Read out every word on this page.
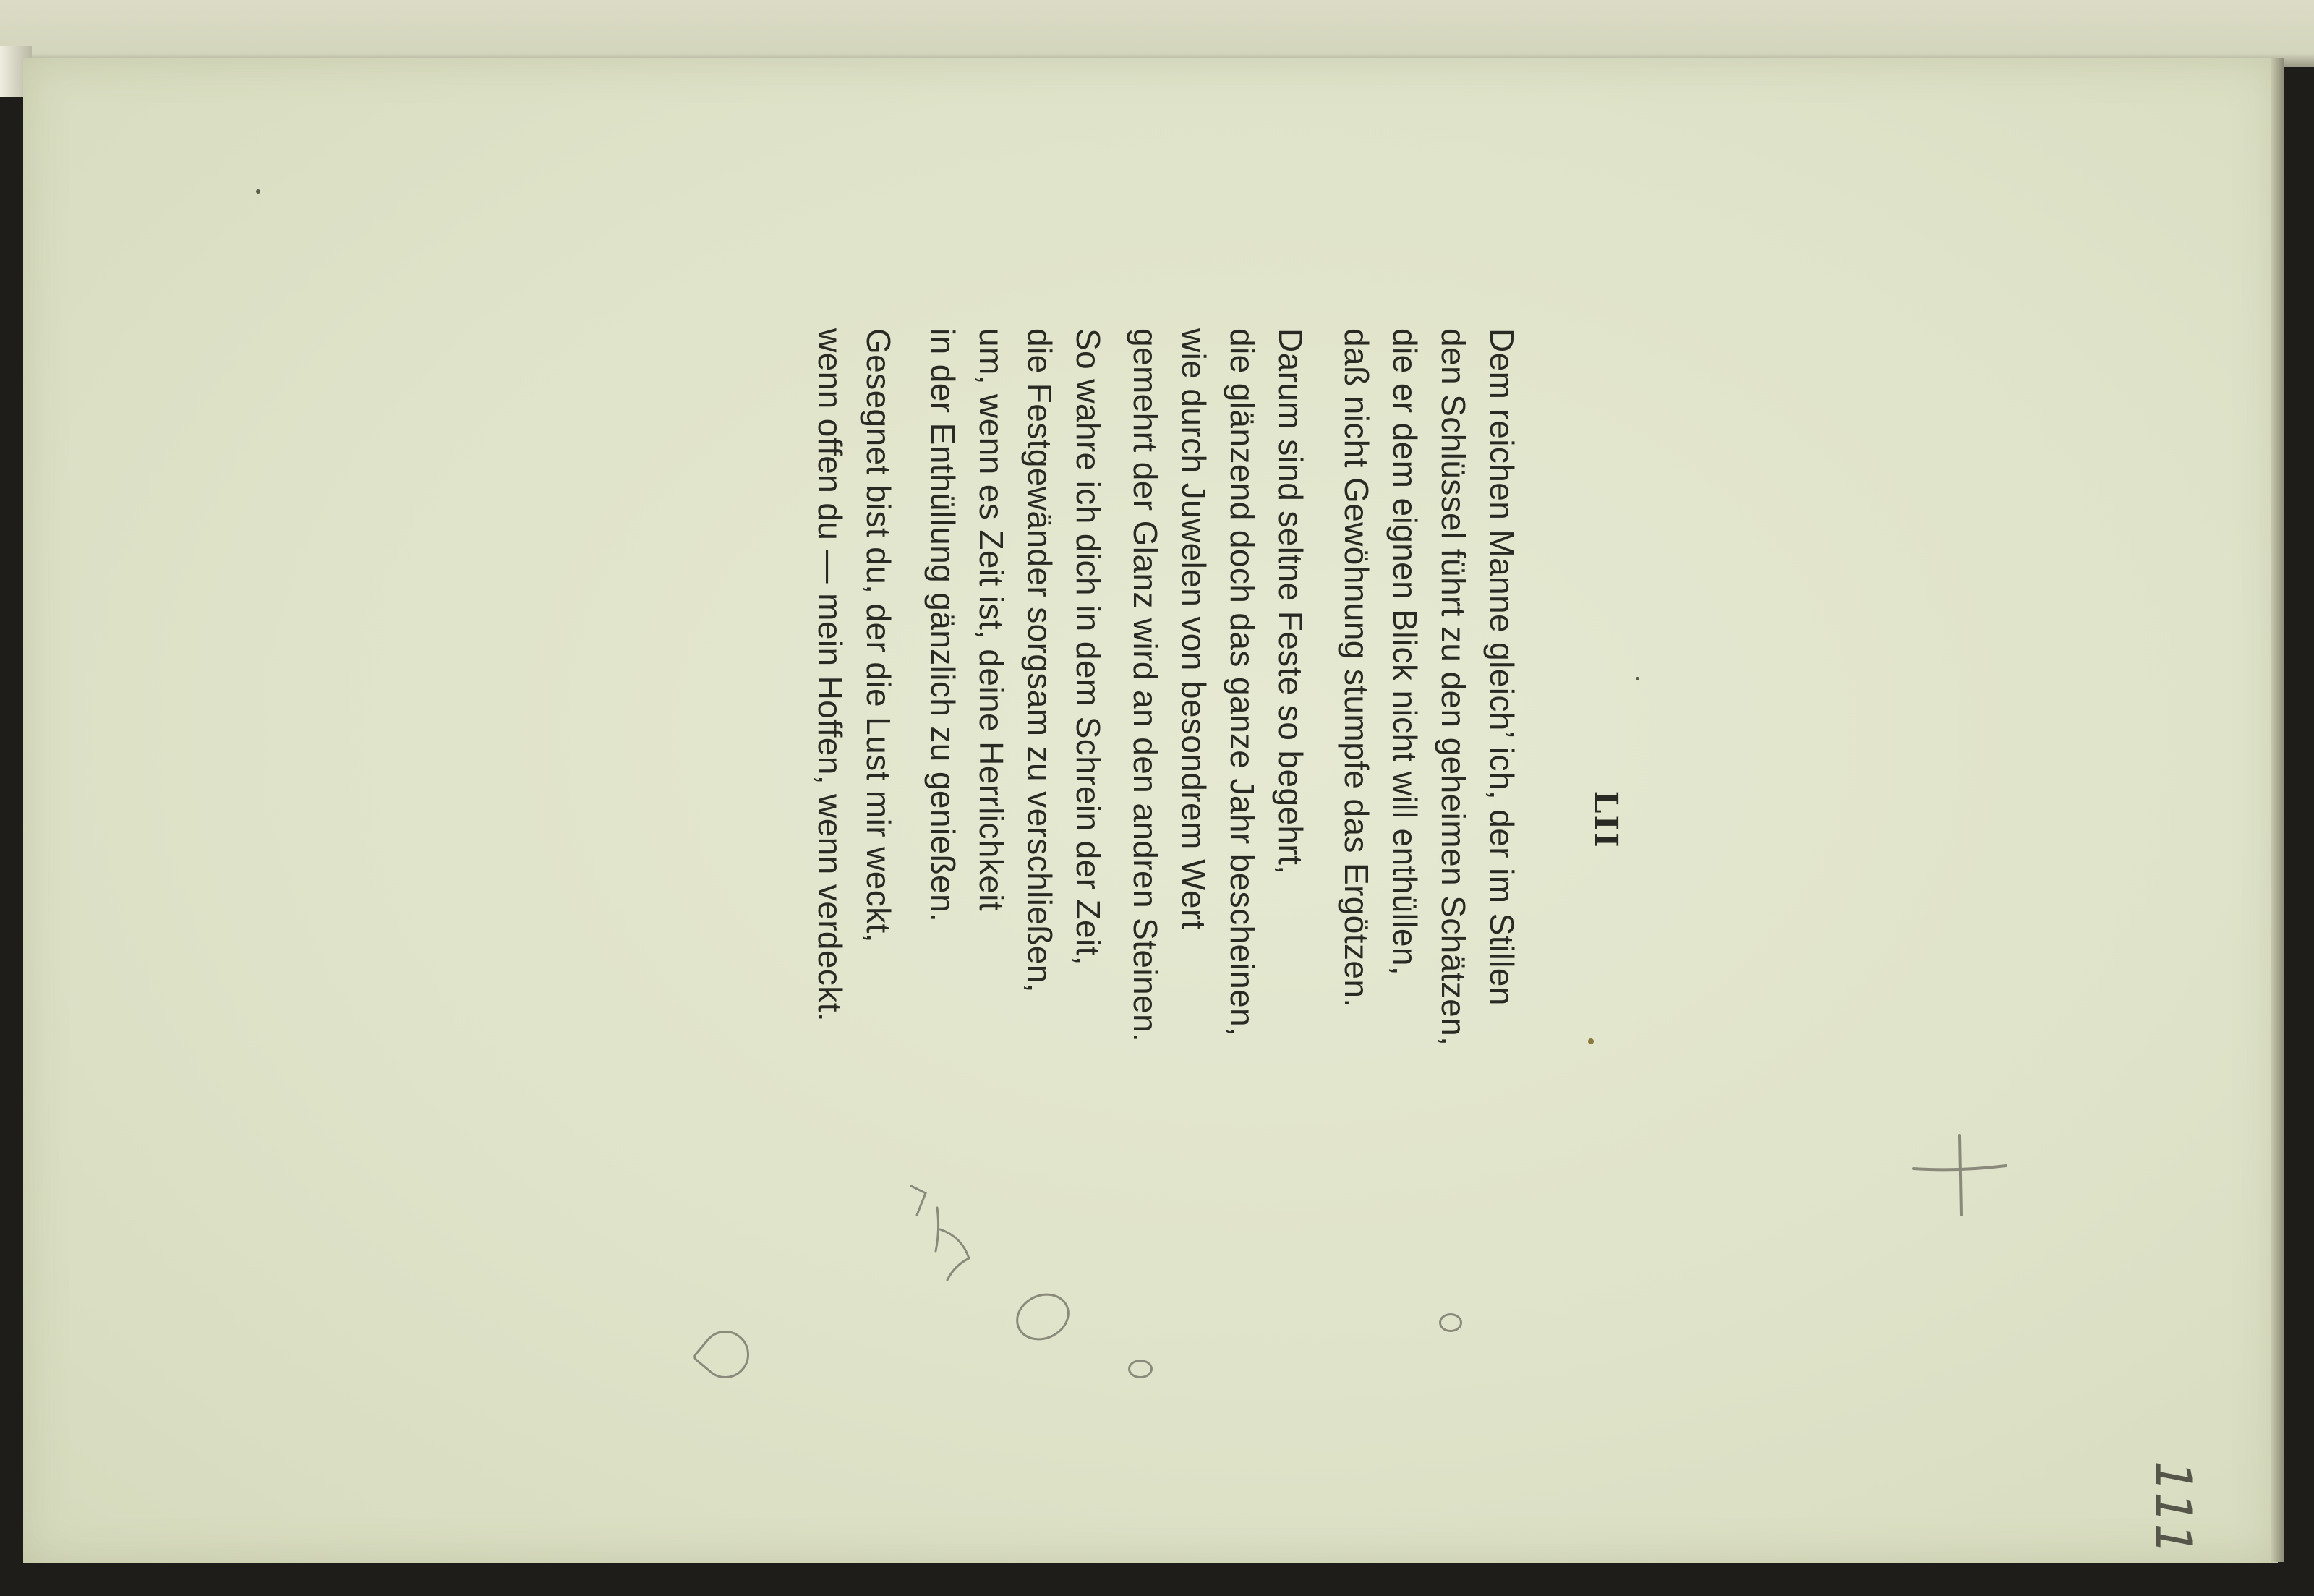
LII
Dem reichen Manne gleich’ ich, der im Stillen
den Schlüssel führt zu den geheimen Schätzen,
die er dem eignen Blick nicht will enthüllen,
daß nicht Gewöhnung stumpfe das Ergötzen.
Darum sind seltne Feste so begehrt,
die glänzend doch das ganze Jahr bescheinen,
wie durch Juwelen von besondrem Wert
gemehrt der Glanz wird an den andren Steinen.
So wahre ich dich in dem Schrein der Zeit,
die Festgewänder sorgsam zu verschließen,
um, wenn es Zeit ist, deine Herrlichkeit
in der Enthüllung gänzlich zu genießen.
Gesegnet bist du, der die Lust mir weckt,
wenn offen du — mein Hoffen, wenn verdeckt.
111
